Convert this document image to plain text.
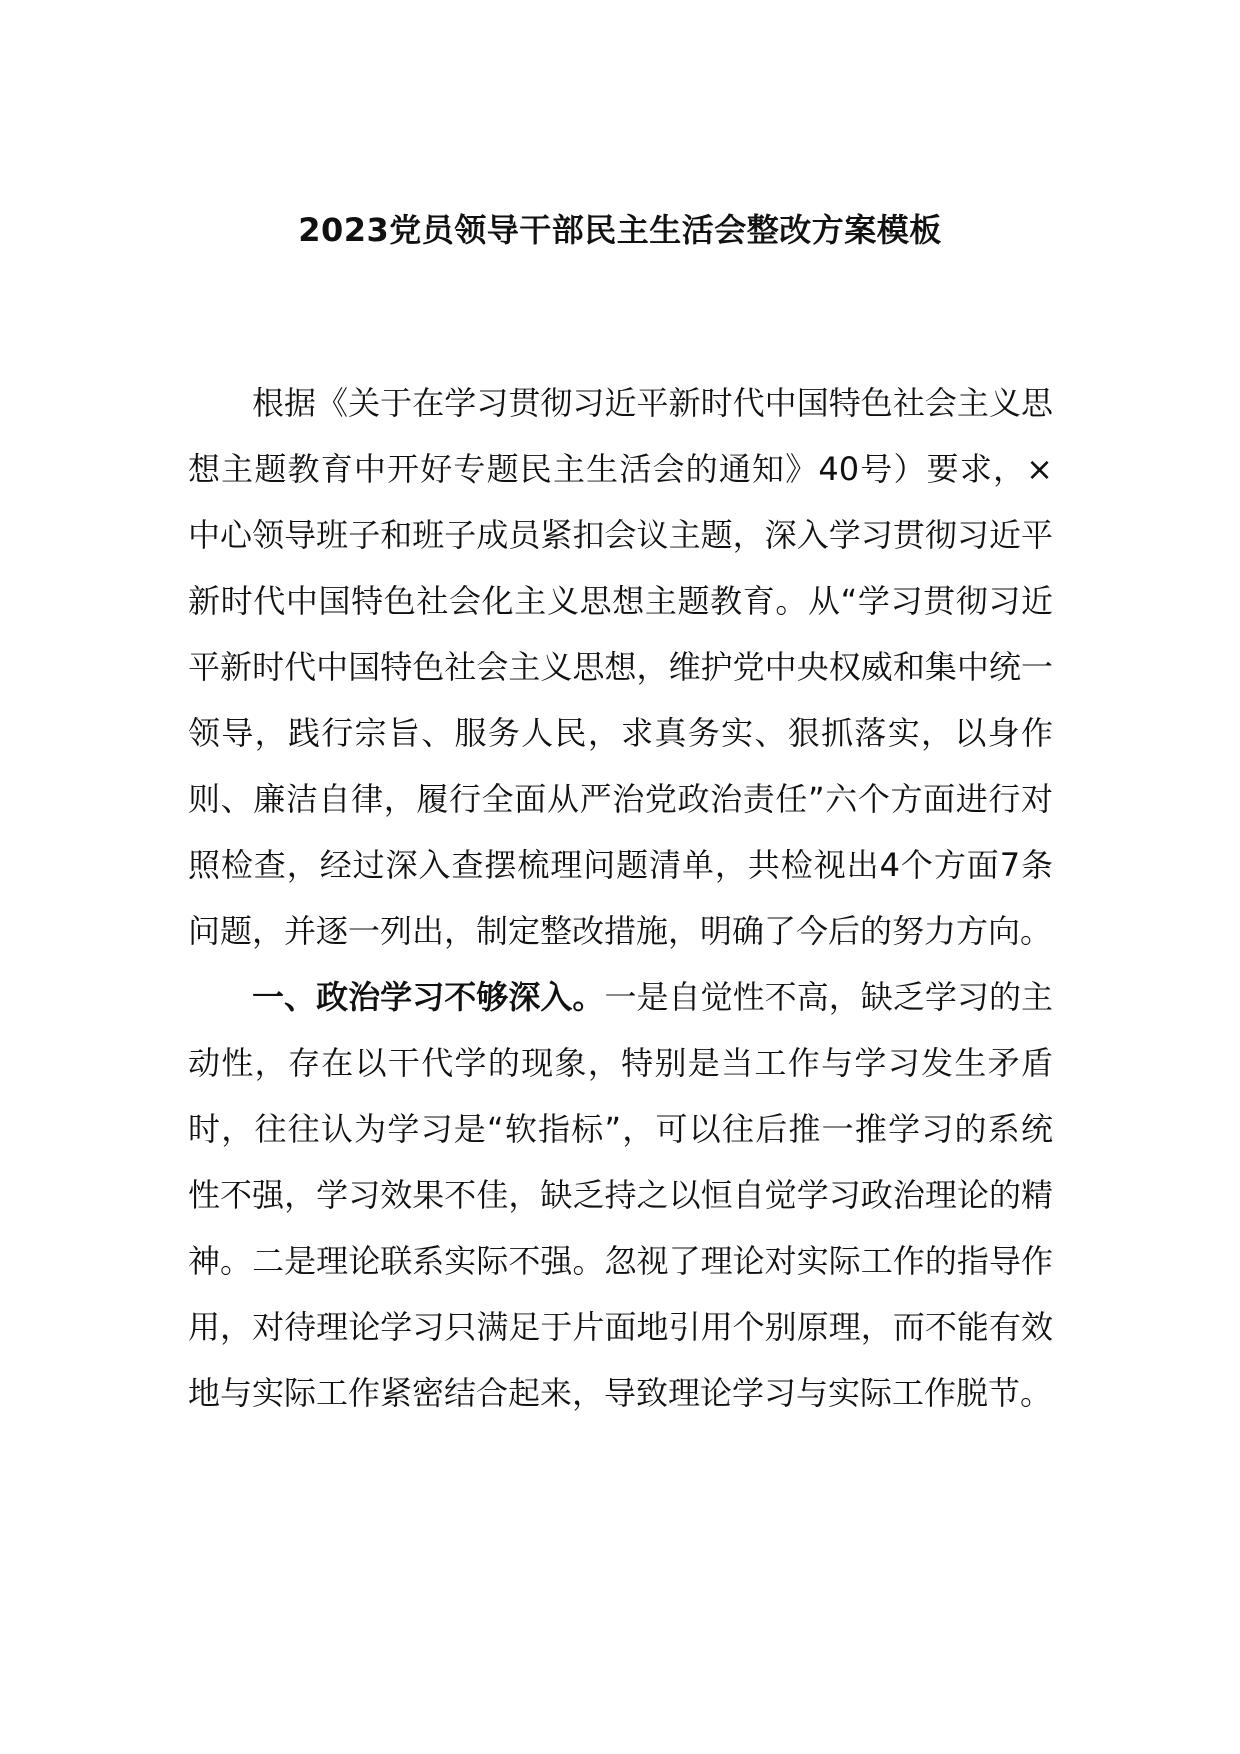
2023党员领导干部民主生活会整改方案模板

根据《关于在学习贯彻习近平新时代中国特色社会主义思想主题教育中开好专题民主生活会的通知》40号）要求，×中心领导班子和班子成员紧扣会议主题，深入学习贯彻习近平新时代中国特色社会化主义思想主题教育。从“学习贯彻习近平新时代中国特色社会主义思想，维护党中央权威和集中统一领导，践行宗旨、服务人民，求真务实、狠抓落实，以身作则、廉洁自律，履行全面从严治党政治责任”六个方面进行对照检查，经过深入查摆梳理问题清单，共检视出4个方面7条问题，并逐一列出，制定整改措施，明确了今后的努力方向。

一、政治学习不够深入。一是自觉性不高，缺乏学习的主动性，存在以干代学的现象，特别是当工作与学习发生矛盾时，往往认为学习是“软指标”，可以往后推一推学习的系统性不强，学习效果不佳，缺乏持之以恒自觉学习政治理论的精神。二是理论联系实际不强。忽视了理论对实际工作的指导作用，对待理论学习只满足于片面地引用个别原理，而不能有效地与实际工作紧密结合起来，导致理论学习与实际工作脱节。
